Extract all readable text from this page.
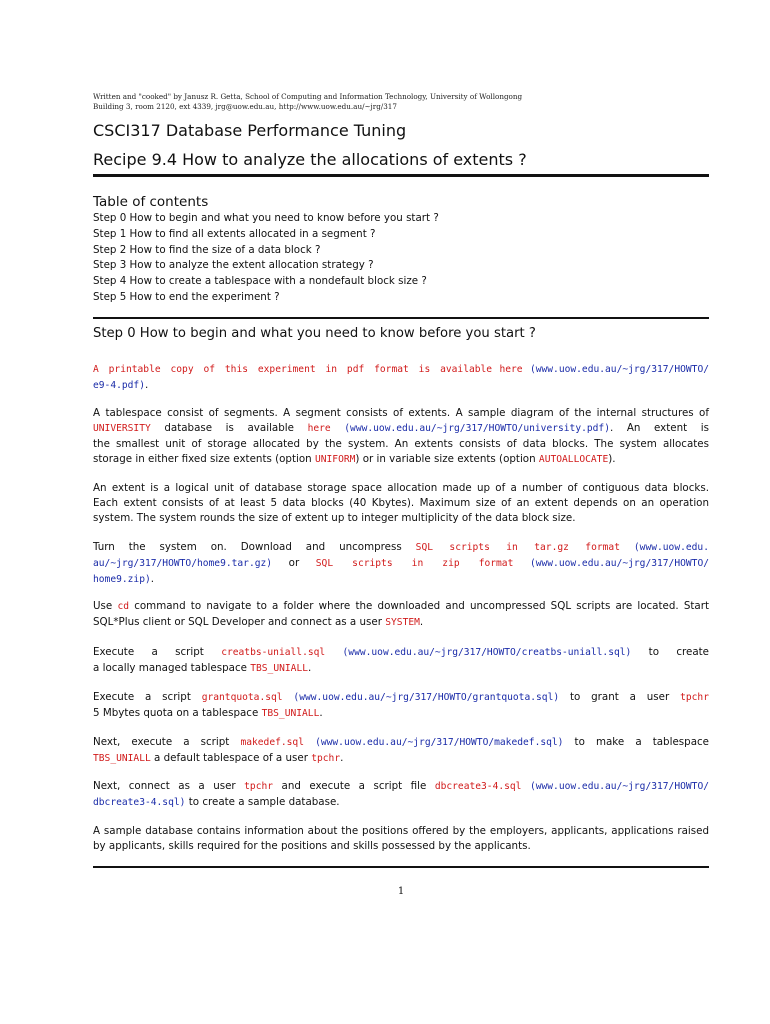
Written and "cooked" by Janusz R. Getta, School of Computing and Information Technology, University of Wollongong
Building 3, room 2120, ext 4339, jrg@uow.edu.au, http://www.uow.edu.au/~jrg/317
CSCI317 Database Performance Tuning
Recipe 9.4 How to analyze the allocations of extents ?
Table of contents
Step 0 How to begin and what you need to know before you start ?
Step 1 How to find all extents allocated in a segment ?
Step 2 How to find the size of a data block ?
Step 3 How to analyze the extent allocation strategy ?
Step 4 How to create a tablespace with a nondefault block size ?
Step 5 How to end the experiment ?
Step 0 How to begin and what you need to know before you start ?
A printable copy of this experiment in pdf format is available here (www.uow.edu.au/~jrg/317/HOWTO/
e9-4.pdf).
A tablespace consist of segments. A segment consists of extents. A sample diagram of the internal structures of
UNIVERSITY database is available here (www.uow.edu.au/~jrg/317/HOWTO/university.pdf). An extent is
the smallest unit of storage allocated by the system. An extents consists of data blocks. The system allocates
storage in either fixed size extents (option UNIFORM) or in variable size extents (option AUTOALLOCATE).
An extent is a logical unit of database storage space allocation made up of a number of contiguous data blocks.
Each extent consists of at least 5 data blocks (40 Kbytes). Maximum size of an extent depends on an operation
system. The system rounds the size of extent up to integer multiplicity of the data block size.
Turn the system on. Download and uncompress SQL scripts in tar.gz format (www.uow.edu.
au/~jrg/317/HOWTO/home9.tar.gz) or SQL scripts in zip format (www.uow.edu.au/~jrg/317/HOWTO/
home9.zip).
Use cd command to navigate to a folder where the downloaded and uncompressed SQL scripts are located. Start
SQL*Plus client or SQL Developer and connect as a user SYSTEM.
Execute a script creatbs-uniall.sql (www.uow.edu.au/~jrg/317/HOWTO/creatbs-uniall.sql) to create
a locally managed tablespace TBS_UNIALL.
Execute a script grantquota.sql (www.uow.edu.au/~jrg/317/HOWTO/grantquota.sql) to grant a user tpchr
5 Mbytes quota on a tablespace TBS_UNIALL.
Next, execute a script makedef.sql (www.uow.edu.au/~jrg/317/HOWTO/makedef.sql) to make a tablespace
TBS_UNIALL a default tablespace of a user tpchr.
Next, connect as a user tpchr and execute a script file dbcreate3-4.sql (www.uow.edu.au/~jrg/317/HOWTO/
dbcreate3-4.sql) to create a sample database.
A sample database contains information about the positions offered by the employers, applicants, applications raised
by applicants, skills required for the positions and skills possessed by the applicants.
1
